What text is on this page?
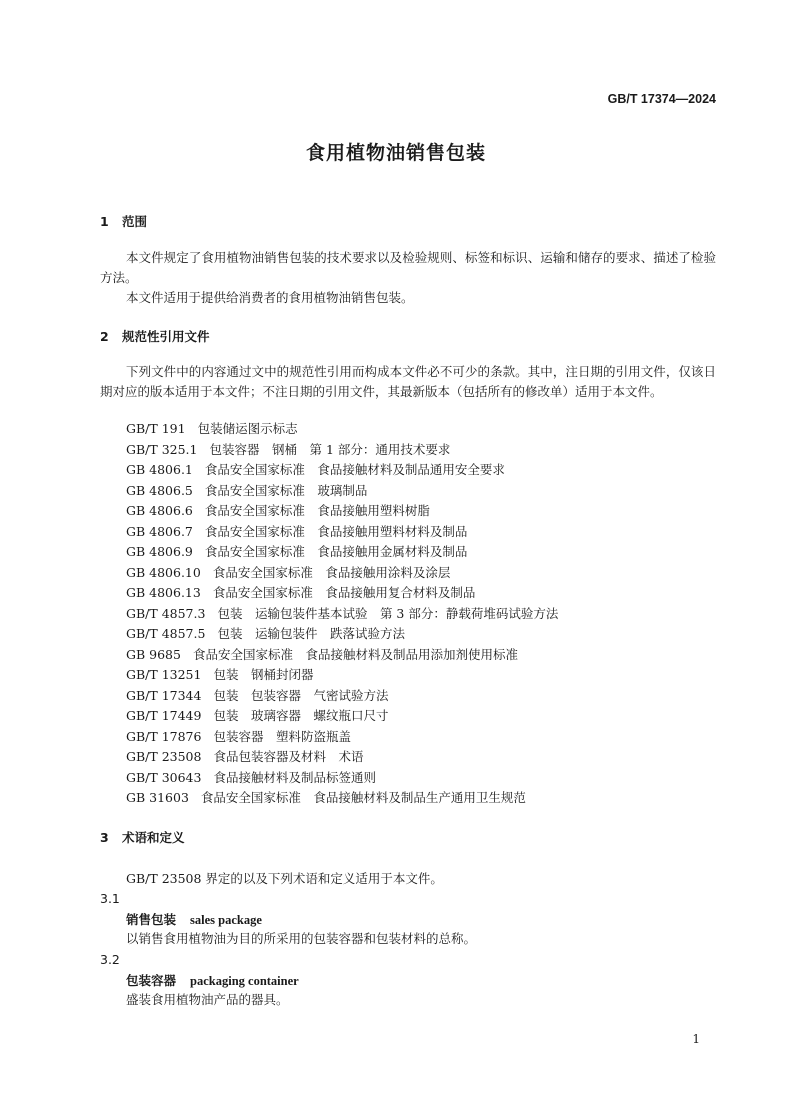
GB/T 17374—2024
食用植物油销售包装
1 范围
本文件规定了食用植物油销售包装的技术要求以及检验规则、标签和标识、运输和储存的要求、描述了检验方法。
本文件适用于提供给消费者的食用植物油销售包装。
2 规范性引用文件
下列文件中的内容通过文中的规范性引用而构成本文件必不可少的条款。其中，注日期的引用文件，仅该日期对应的版本适用于本文件；不注日期的引用文件，其最新版本（包括所有的修改单）适用于本文件。
GB/T 191 包装储运图示标志
GB/T 325.1 包装容器　钢桶　第 1 部分：通用技术要求
GB 4806.1 食品安全国家标准　食品接触材料及制品通用安全要求
GB 4806.5 食品安全国家标准　玻璃制品
GB 4806.6 食品安全国家标准　食品接触用塑料树脂
GB 4806.7 食品安全国家标准　食品接触用塑料材料及制品
GB 4806.9 食品安全国家标准　食品接触用金属材料及制品
GB 4806.10 食品安全国家标准　食品接触用涂料及涂层
GB 4806.13 食品安全国家标准　食品接触用复合材料及制品
GB/T 4857.3 包装　运输包装件基本试验　第 3 部分：静载荷堆码试验方法
GB/T 4857.5 包装　运输包装件　跌落试验方法
GB 9685 食品安全国家标准　食品接触材料及制品用添加剂使用标准
GB/T 13251 包装　钢桶封闭器
GB/T 17344 包装　包装容器　气密试验方法
GB/T 17449 包装　玻璃容器　螺纹瓶口尺寸
GB/T 17876 包装容器　塑料防盗瓶盖
GB/T 23508 食品包装容器及材料　术语
GB/T 30643 食品接触材料及制品标签通则
GB 31603 食品安全国家标准　食品接触材料及制品生产通用卫生规范
3 术语和定义
GB/T 23508 界定的以及下列术语和定义适用于本文件。
3.1
销售包装 sales package
以销售食用植物油为目的所采用的包装容器和包装材料的总称。
3.2
包装容器 packaging container
盛装食用植物油产品的器具。
1
